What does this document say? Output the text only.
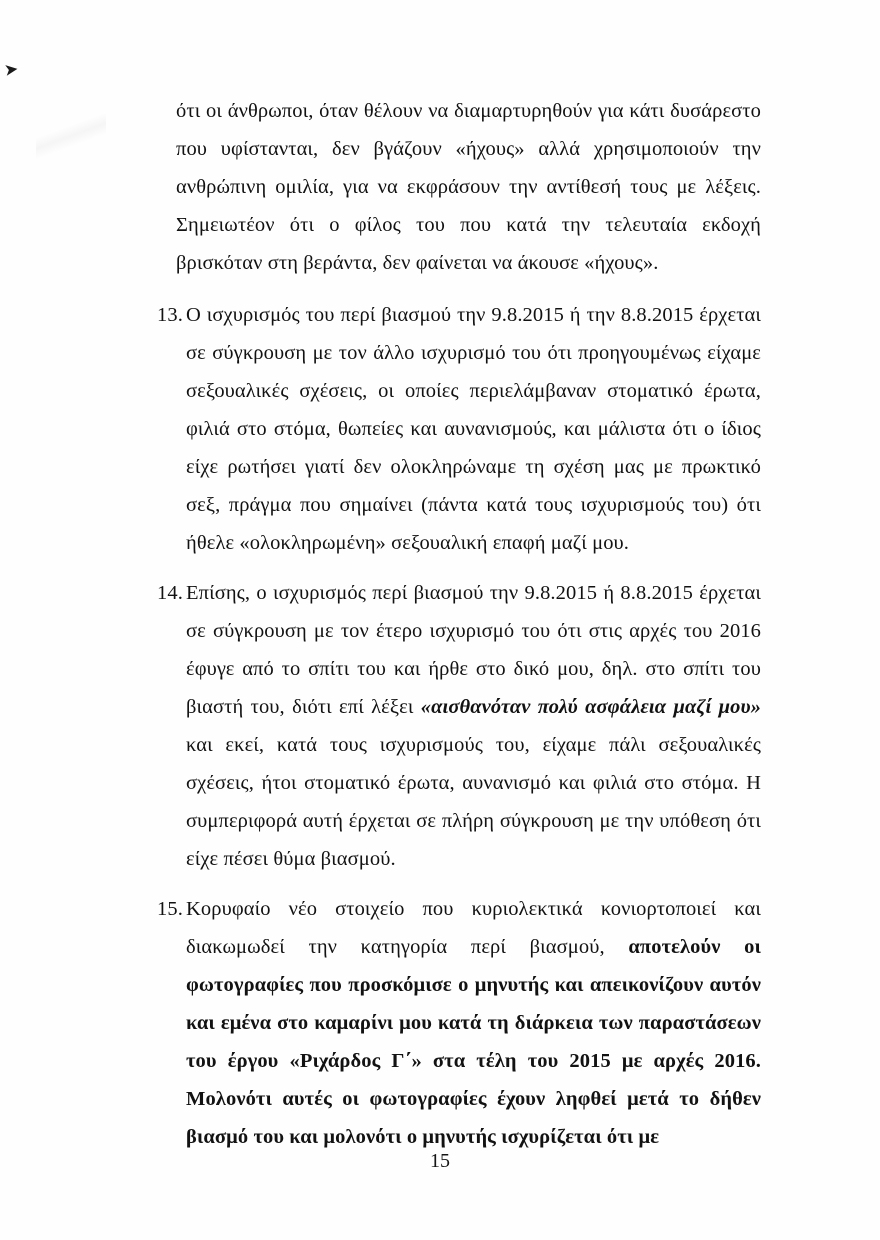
➤

ότι οι άνθρωποι, όταν θέλουν να διαμαρτυρηθούν για κάτι δυσάρεστο που υφίστανται, δεν βγάζουν «ήχους» αλλά χρησιμοποιούν την ανθρώπινη ομιλία, για να εκφράσουν την αντίθεσή τους με λέξεις. Σημειωτέον ότι ο φίλος του που κατά την τελευταία εκδοχή βρισκόταν στη βεράντα, δεν φαίνεται να άκουσε «ήχους».

13. Ο ισχυρισμός του περί βιασμού την 9.8.2015 ή την 8.8.2015 έρχεται σε σύγκρουση με τον άλλο ισχυρισμό του ότι προηγουμένως είχαμε σεξουαλικές σχέσεις, οι οποίες περιελάμβαναν στοματικό έρωτα, φιλιά στο στόμα, θωπείες και αυνανισμούς, και μάλιστα ότι ο ίδιος είχε ρωτήσει γιατί δεν ολοκληρώναμε τη σχέση μας με πρωκτικό σεξ, πράγμα που σημαίνει (πάντα κατά τους ισχυρισμούς του) ότι ήθελε «ολοκληρωμένη» σεξουαλική επαφή μαζί μου.
14. Επίσης, ο ισχυρισμός περί βιασμού την 9.8.2015 ή 8.8.2015 έρχεται σε σύγκρουση με τον έτερο ισχυρισμό του ότι στις αρχές του 2016 έφυγε από το σπίτι του και ήρθε στο δικό μου, δηλ. στο σπίτι του βιαστή του, διότι επί λέξει «αισθανόταν πολύ ασφάλεια μαζί μου» και εκεί, κατά τους ισχυρισμούς του, είχαμε πάλι σεξουαλικές σχέσεις, ήτοι στοματικό έρωτα, αυνανισμό και φιλιά στο στόμα. Η συμπεριφορά αυτή έρχεται σε πλήρη σύγκρουση με την υπόθεση ότι είχε πέσει θύμα βιασμού.
15. Κορυφαίο νέο στοιχείο που κυριολεκτικά κονιορτοποιεί και διακωμωδεί την κατηγορία περί βιασμού, αποτελούν οι φωτογραφίες που προσκόμισε ο μηνυτής και απεικονίζουν αυτόν και εμένα στο καμαρίνι μου κατά τη διάρκεια των παραστάσεων του έργου «Ριχάρδος Γ΄» στα τέλη του 2015 με αρχές 2016. Μολονότι αυτές οι φωτογραφίες έχουν ληφθεί μετά το δήθεν βιασμό του και μολονότι ο μηνυτής ισχυρίζεται ότι με
15
